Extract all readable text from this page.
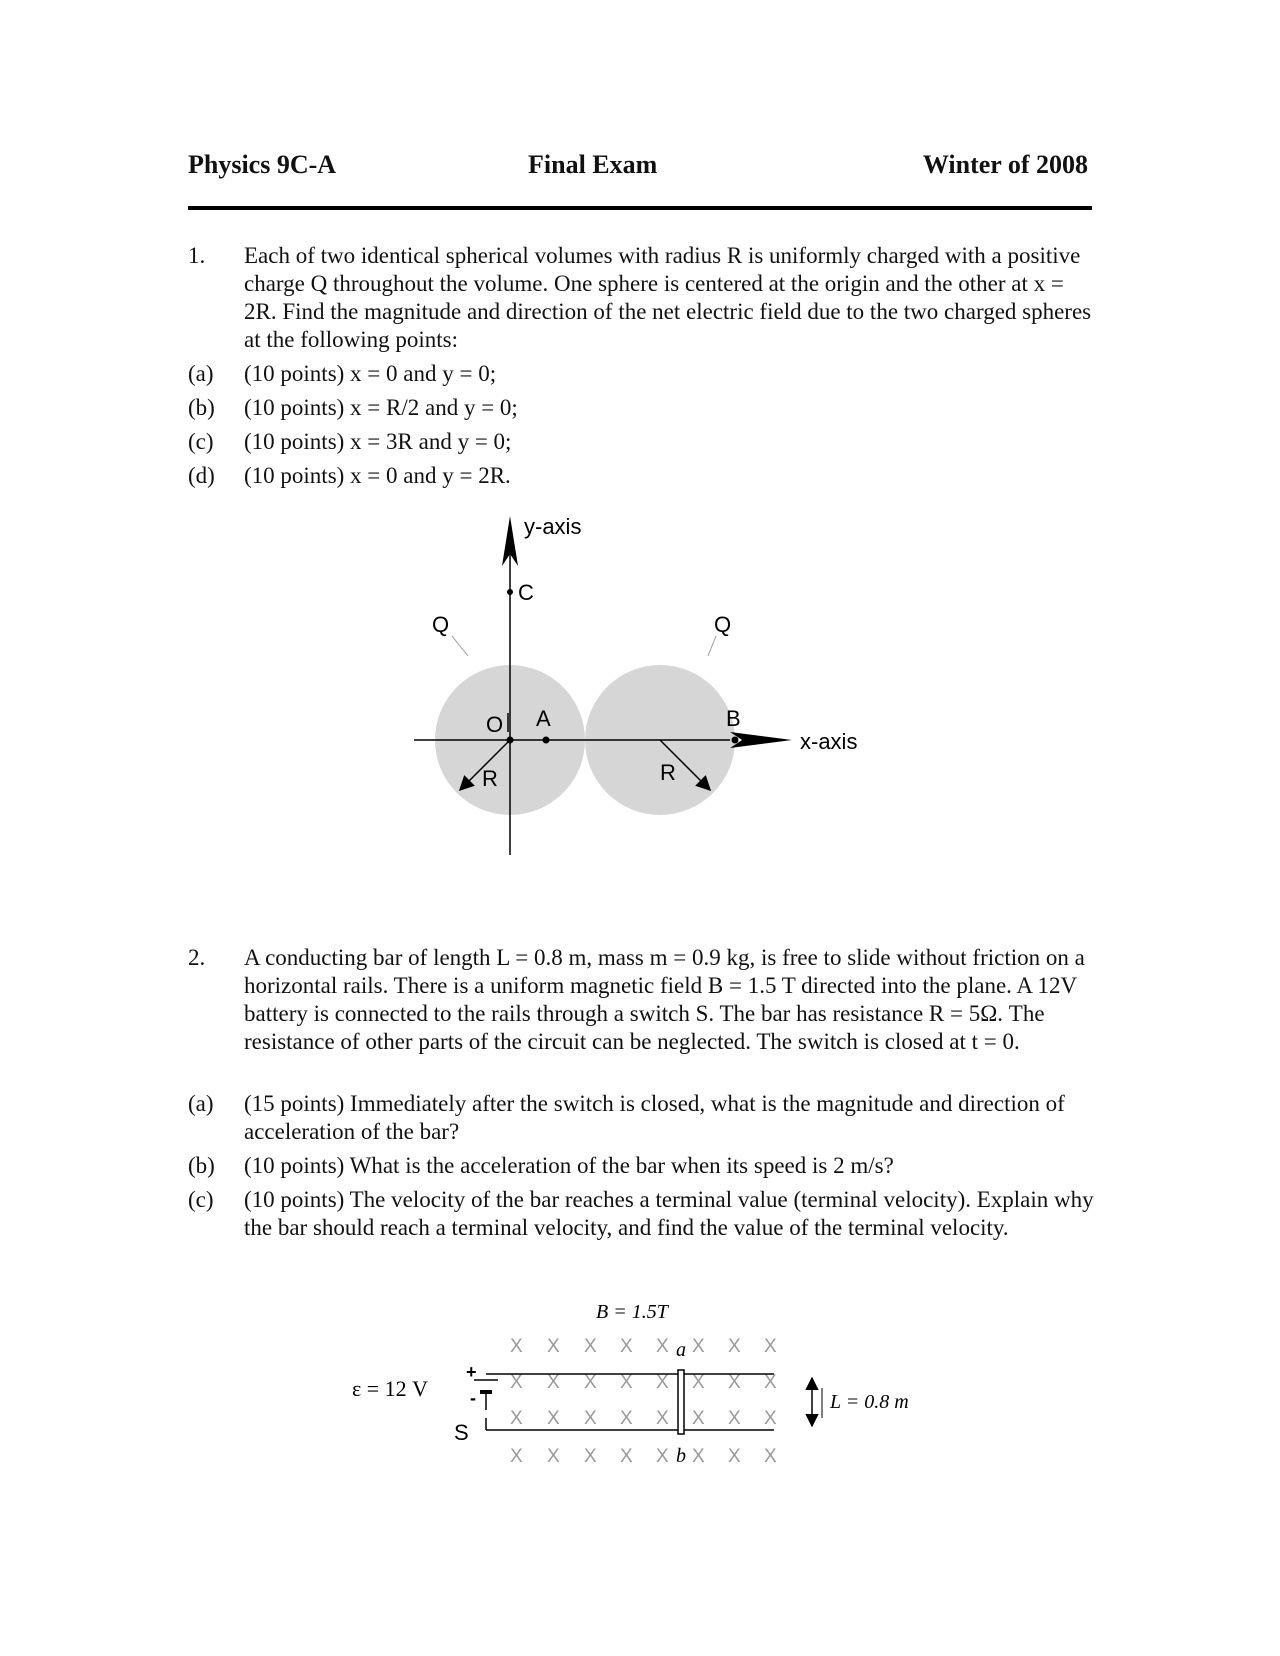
Physics 9C-A	Final Exam	Winter of 2008
1. Each of two identical spherical volumes with radius R is uniformly charged with a positive charge Q throughout the volume. One sphere is centered at the origin and the other at x = 2R. Find the magnitude and direction of the net electric field due to the two charged spheres at the following points:
(a) (10 points) x = 0 and y = 0;
(b) (10 points) x = R/2 and y = 0;
(c) (10 points) x = 3R and y = 0;
(d) (10 points) x = 0 and y = 2R.
y-axis
x-axis
C
O A	B
Q	Q
R	R
2. A conducting bar of length L = 0.8 m, mass m = 0.9 kg, is free to slide without friction on a horizontal rails. There is a uniform magnetic field B = 1.5 T directed into the plane. A 12V battery is connected to the rails through a switch S. The bar has resistance R = 5Ω. The resistance of other parts of the circuit can be neglected. The switch is closed at t = 0.
(a) (15 points) Immediately after the switch is closed, what is the magnitude and direction of acceleration of the bar?
(b) (10 points) What is the acceleration of the bar when its speed is 2 m/s?
(c) (10 points) The velocity of the bar reaches a terminal value (terminal velocity). Explain why the bar should reach a terminal velocity, and find the value of the terminal velocity.
X X X X X X X X
X X X X X X X X
X X X X X X X X
X X X X X X X X
B = 1.5T
+
-
S
ε = 12 V
a
b
L = 0.8 m
